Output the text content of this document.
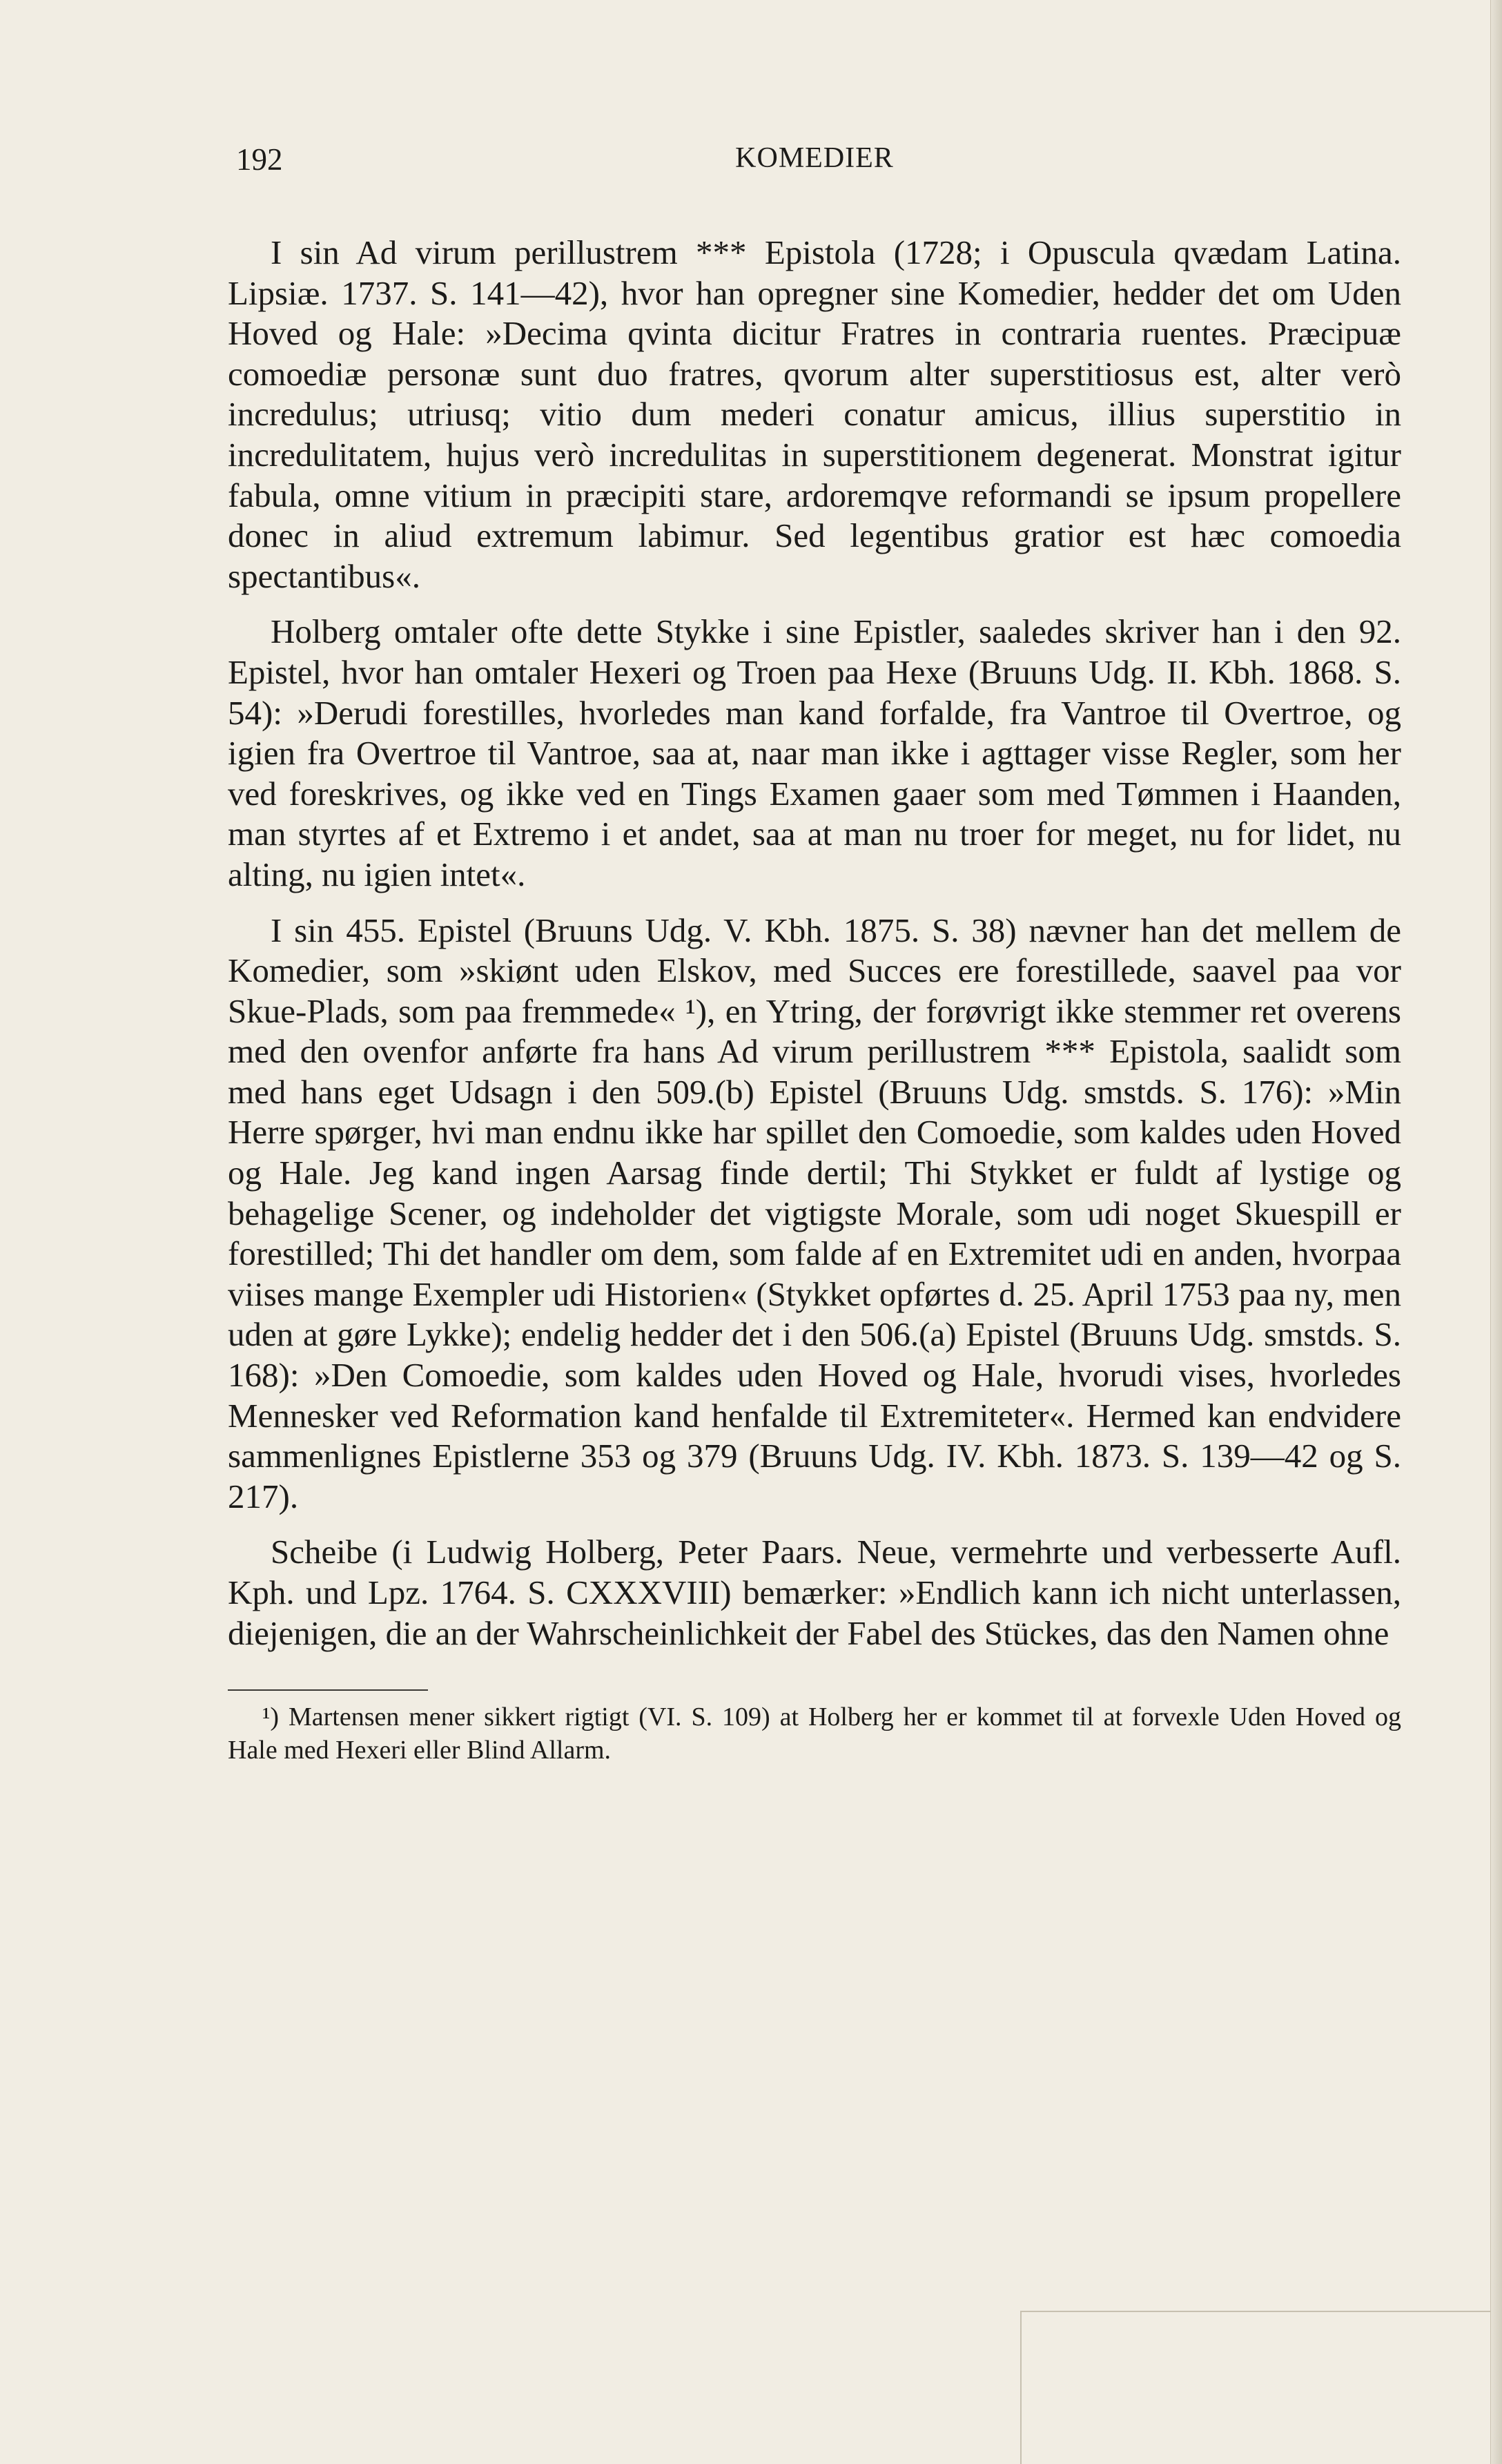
192	KOMEDIER

I sin Ad virum perillustrem *** Epistola (1728; i Opuscula qvædam Latina. Lipsiæ. 1737. S. 141—42), hvor han opregner sine Komedier, hedder det om Uden Hoved og Hale: »Decima qvinta dicitur Fratres in contraria ruentes. Præcipuæ comoediæ personæ sunt duo fratres, qvorum alter superstitiosus est, alter verò incredulus; utriusq; vitio dum mederi conatur amicus, illius superstitio in incredulitatem, hujus verò incredulitas in superstitionem degenerat. Monstrat igitur fabula, omne vitium in præcipiti stare, ardoremqve reformandi se ipsum propellere donec in aliud extremum labimur. Sed legentibus gratior est hæc comoedia spectantibus«.

Holberg omtaler ofte dette Stykke i sine Epistler, saaledes skriver han i den 92. Epistel, hvor han omtaler Hexeri og Troen paa Hexe (Bruuns Udg. II. Kbh. 1868. S. 54): »Derudi forestilles, hvorledes man kand forfalde, fra Vantroe til Overtroe, og igien fra Overtroe til Vantroe, saa at, naar man ikke i agttager visse Regler, som her ved foreskrives, og ikke ved en Tings Examen gaaer som med Tømmen i Haanden, man styrtes af et Extremo i et andet, saa at man nu troer for meget, nu for lidet, nu alting, nu igien intet«.

I sin 455. Epistel (Bruuns Udg. V. Kbh. 1875. S. 38) nævner han det mellem de Komedier, som »skiønt uden Elskov, med Succes ere forestillede, saavel paa vor Skue-Plads, som paa fremmede« ¹), en Ytring, der forøvrigt ikke stemmer ret overens med den ovenfor anførte fra hans Ad virum perillustrem *** Epistola, saalidt som med hans eget Udsagn i den 509.(b) Epistel (Bruuns Udg. smstds. S. 176): »Min Herre spørger, hvi man endnu ikke har spillet den Comoedie, som kaldes uden Hoved og Hale. Jeg kand ingen Aarsag finde dertil; Thi Stykket er fuldt af lystige og behagelige Scener, og indeholder det vigtigste Morale, som udi noget Skuespill er forestilled; Thi det handler om dem, som falde af en Extremitet udi en anden, hvorpaa viises mange Exempler udi Historien« (Stykket opførtes d. 25. April 1753 paa ny, men uden at gøre Lykke); endelig hedder det i den 506.(a) Epistel (Bruuns Udg. smstds. S. 168): »Den Comoedie, som kaldes uden Hoved og Hale, hvorudi vises, hvorledes Mennesker ved Reformation kand henfalde til Extremiteter«. Hermed kan endvidere sammenlignes Epistlerne 353 og 379 (Bruuns Udg. IV. Kbh. 1873. S. 139—42 og S. 217).

Scheibe (i Ludwig Holberg, Peter Paars. Neue, vermehrte und verbesserte Aufl. Kph. und Lpz. 1764. S. CXXXVIII) bemærker: »Endlich kann ich nicht unterlassen, diejenigen, die an der Wahrscheinlichkeit der Fabel des Stückes, das den Namen ohne

¹) Martensen mener sikkert rigtigt (VI. S. 109) at Holberg her er kommet til at forvexle Uden Hoved og Hale med Hexeri eller Blind Allarm.
